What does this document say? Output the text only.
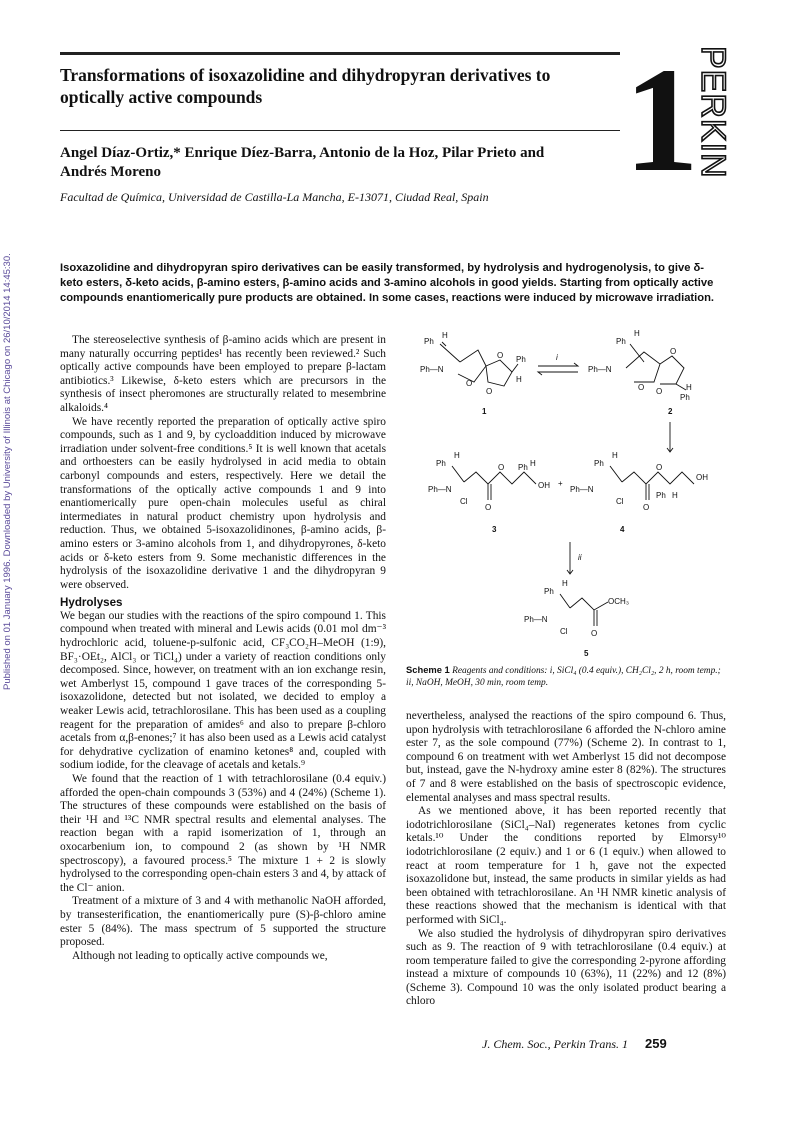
Transformations of isoxazolidine and dihydropyran derivatives to optically active compounds
Angel Díaz-Ortiz,* Enrique Díez-Barra, Antonio de la Hoz, Pilar Prieto and Andrés Moreno
Facultad de Química, Universidad de Castilla-La Mancha, E-13071, Ciudad Real, Spain 1
PERKIN
Published on 01 January 1996. Downloaded by University of Illinois at Chicago on 26/10/2014 14:45:30.	Isoxazolidine and dihydropyran spiro derivatives can be easily transformed, by hydrolysis and hydrogenolysis, to give δ-keto esters, δ-keto acids, β-amino esters, β-amino acids and 3-amino alcohols in good yields. Starting from optically active compounds enantiomerically pure products are obtained. In some cases, reactions were induced by microwave irradiation.

The stereoselective synthesis of β-amino acids which are present in many naturally occurring peptides¹ has recently been reviewed.² Such optically active compounds have been employed to prepare β-lactam antibiotics.³ Likewise, δ-keto esters which are precursors in the synthesis of insect pheromones are structurally related to mesembrine alkaloids.⁴

We have recently reported the preparation of optically active spiro compounds, such as 1 and 9, by cycloaddition induced by microwave irradiation under solvent-free conditions.⁵ It is well known that acetals and orthoesters can be easily hydrolysed in acid media to obtain carbonyl compounds and esters, respectively. Here we detail the transformations of the optically active compounds 1 and 9 into enantiomerically pure open-chain molecules useful as chiral intermediates in natural product chemistry upon hydrolysis and reduction. Thus, we obtained 5-isoxazolidinones, β-amino acids, β-amino esters or 3-amino alcohols from 1, and dihydropyrones, δ-keto acids or δ-keto esters from 9. Some mechanistic differences in the hydrolysis of the isoxazolidine derivative 1 and the dihydropyran 9 were observed.

Hydrolyses

We began our studies with the reactions of the spiro compound 1. This compound when treated with mineral and Lewis acids (0.01 mol dm⁻³ hydrochloric acid, toluene-p-sulfonic acid, CF₃CO₂H–MeOH (1:9), BF₃·OEt₂, AlCl₃ or TiCl₄) under a variety of reaction conditions only decomposed. Since, however, on treatment with an ion exchange resin, wet Amberlyst 15, compound 1 gave traces of the corresponding 5-isoxazolidone, detected but not isolated, we decided to employ a weaker Lewis acid, tetrachlorosilane. This has been used as a coupling reagent for the preparation of amides⁶ and also to prepare β-chloro acetals from α,β-enones;⁷ it has also been used as a Lewis acid catalyst for dehydrative cyclization of enamino ketones⁸ and, coupled with sodium iodide, for the cleavage of acetals and ketals.⁹

We found that the reaction of 1 with tetrachlorosilane (0.4 equiv.) afforded the open-chain compounds 3 (53%) and 4 (24%) (Scheme 1). The structures of these compounds were established on the basis of their ¹H and ¹³C NMR spectral results and elemental analyses. The reaction began with a rapid isomerization of 1, through an oxocarbenium ion, to compound 2 (as shown by ¹H NMR spectroscopy), a favoured process.⁵ The mixture 1 + 2 is slowly hydrolysed to the corresponding open-chain esters 3 and 4, by attack of the Cl⁻ anion.

Treatment of a mixture of 3 and 4 with methanolic NaOH afforded, by transesterification, the enantiomerically pure (S)-β-chloro amine ester 5 (84%). The mass spectrum of 5 supported the structure proposed.

Although not leading to optically active compounds we,

Ph
H
Ph—N
O
O
O
Ph
H
1
i
Ph
H
Ph—N
O
O
O	H
Ph
2
Ph
H
Ph—N
Cl
O
O Ph H
OH
3
+
Ph
H
Ph—N
Cl
O
O
Ph H
OH
4
ii
Ph
H
Ph—N
Cl	O
OCH₃
5
Scheme 1 Reagents and conditions: i, SiCl₄ (0.4 equiv.), CH₂Cl₂, 2 h, room temp.; ii, NaOH, MeOH, 30 min, room temp.

nevertheless, analysed the reactions of the spiro compound 6. Thus, upon hydrolysis with tetrachlorosilane 6 afforded the N-chloro amine ester 7, as the sole compound (77%) (Scheme 2). In contrast to 1, compound 6 on treatment with wet Amberlyst 15 did not decompose but, instead, gave the N-hydroxy amine ester 8 (82%). The structures of 7 and 8 were established on the basis of spectroscopic evidence, elemental analyses and mass spectral results.

As we mentioned above, it has been reported recently that iodotrichlorosilane (SiCl₄–NaI) regenerates ketones from cyclic ketals.¹⁰ Under the conditions reported by Elmorsy¹⁰ iodotrichlorosilane (2 equiv.) and 1 or 6 (1 equiv.) when allowed to react at room temperature for 1 h, gave not the expected isoxazolidone but, instead, the same products in similar yields as had been obtained with tetrachlorosilane. An ¹H NMR kinetic analysis of these reactions showed that the mechanism is identical with that performed with SiCl₄.

We also studied the hydrolysis of dihydropyran spiro derivatives such as 9. The reaction of 9 with tetrachlorosilane (0.4 equiv.) at room temperature failed to give the corresponding 2-pyrone affording instead a mixture of compounds 10 (63%), 11 (22%) and 12 (8%) (Scheme 3). Compound 10 was the only isolated product bearing a chloro

J. Chem. Soc., Perkin Trans. 1 259
